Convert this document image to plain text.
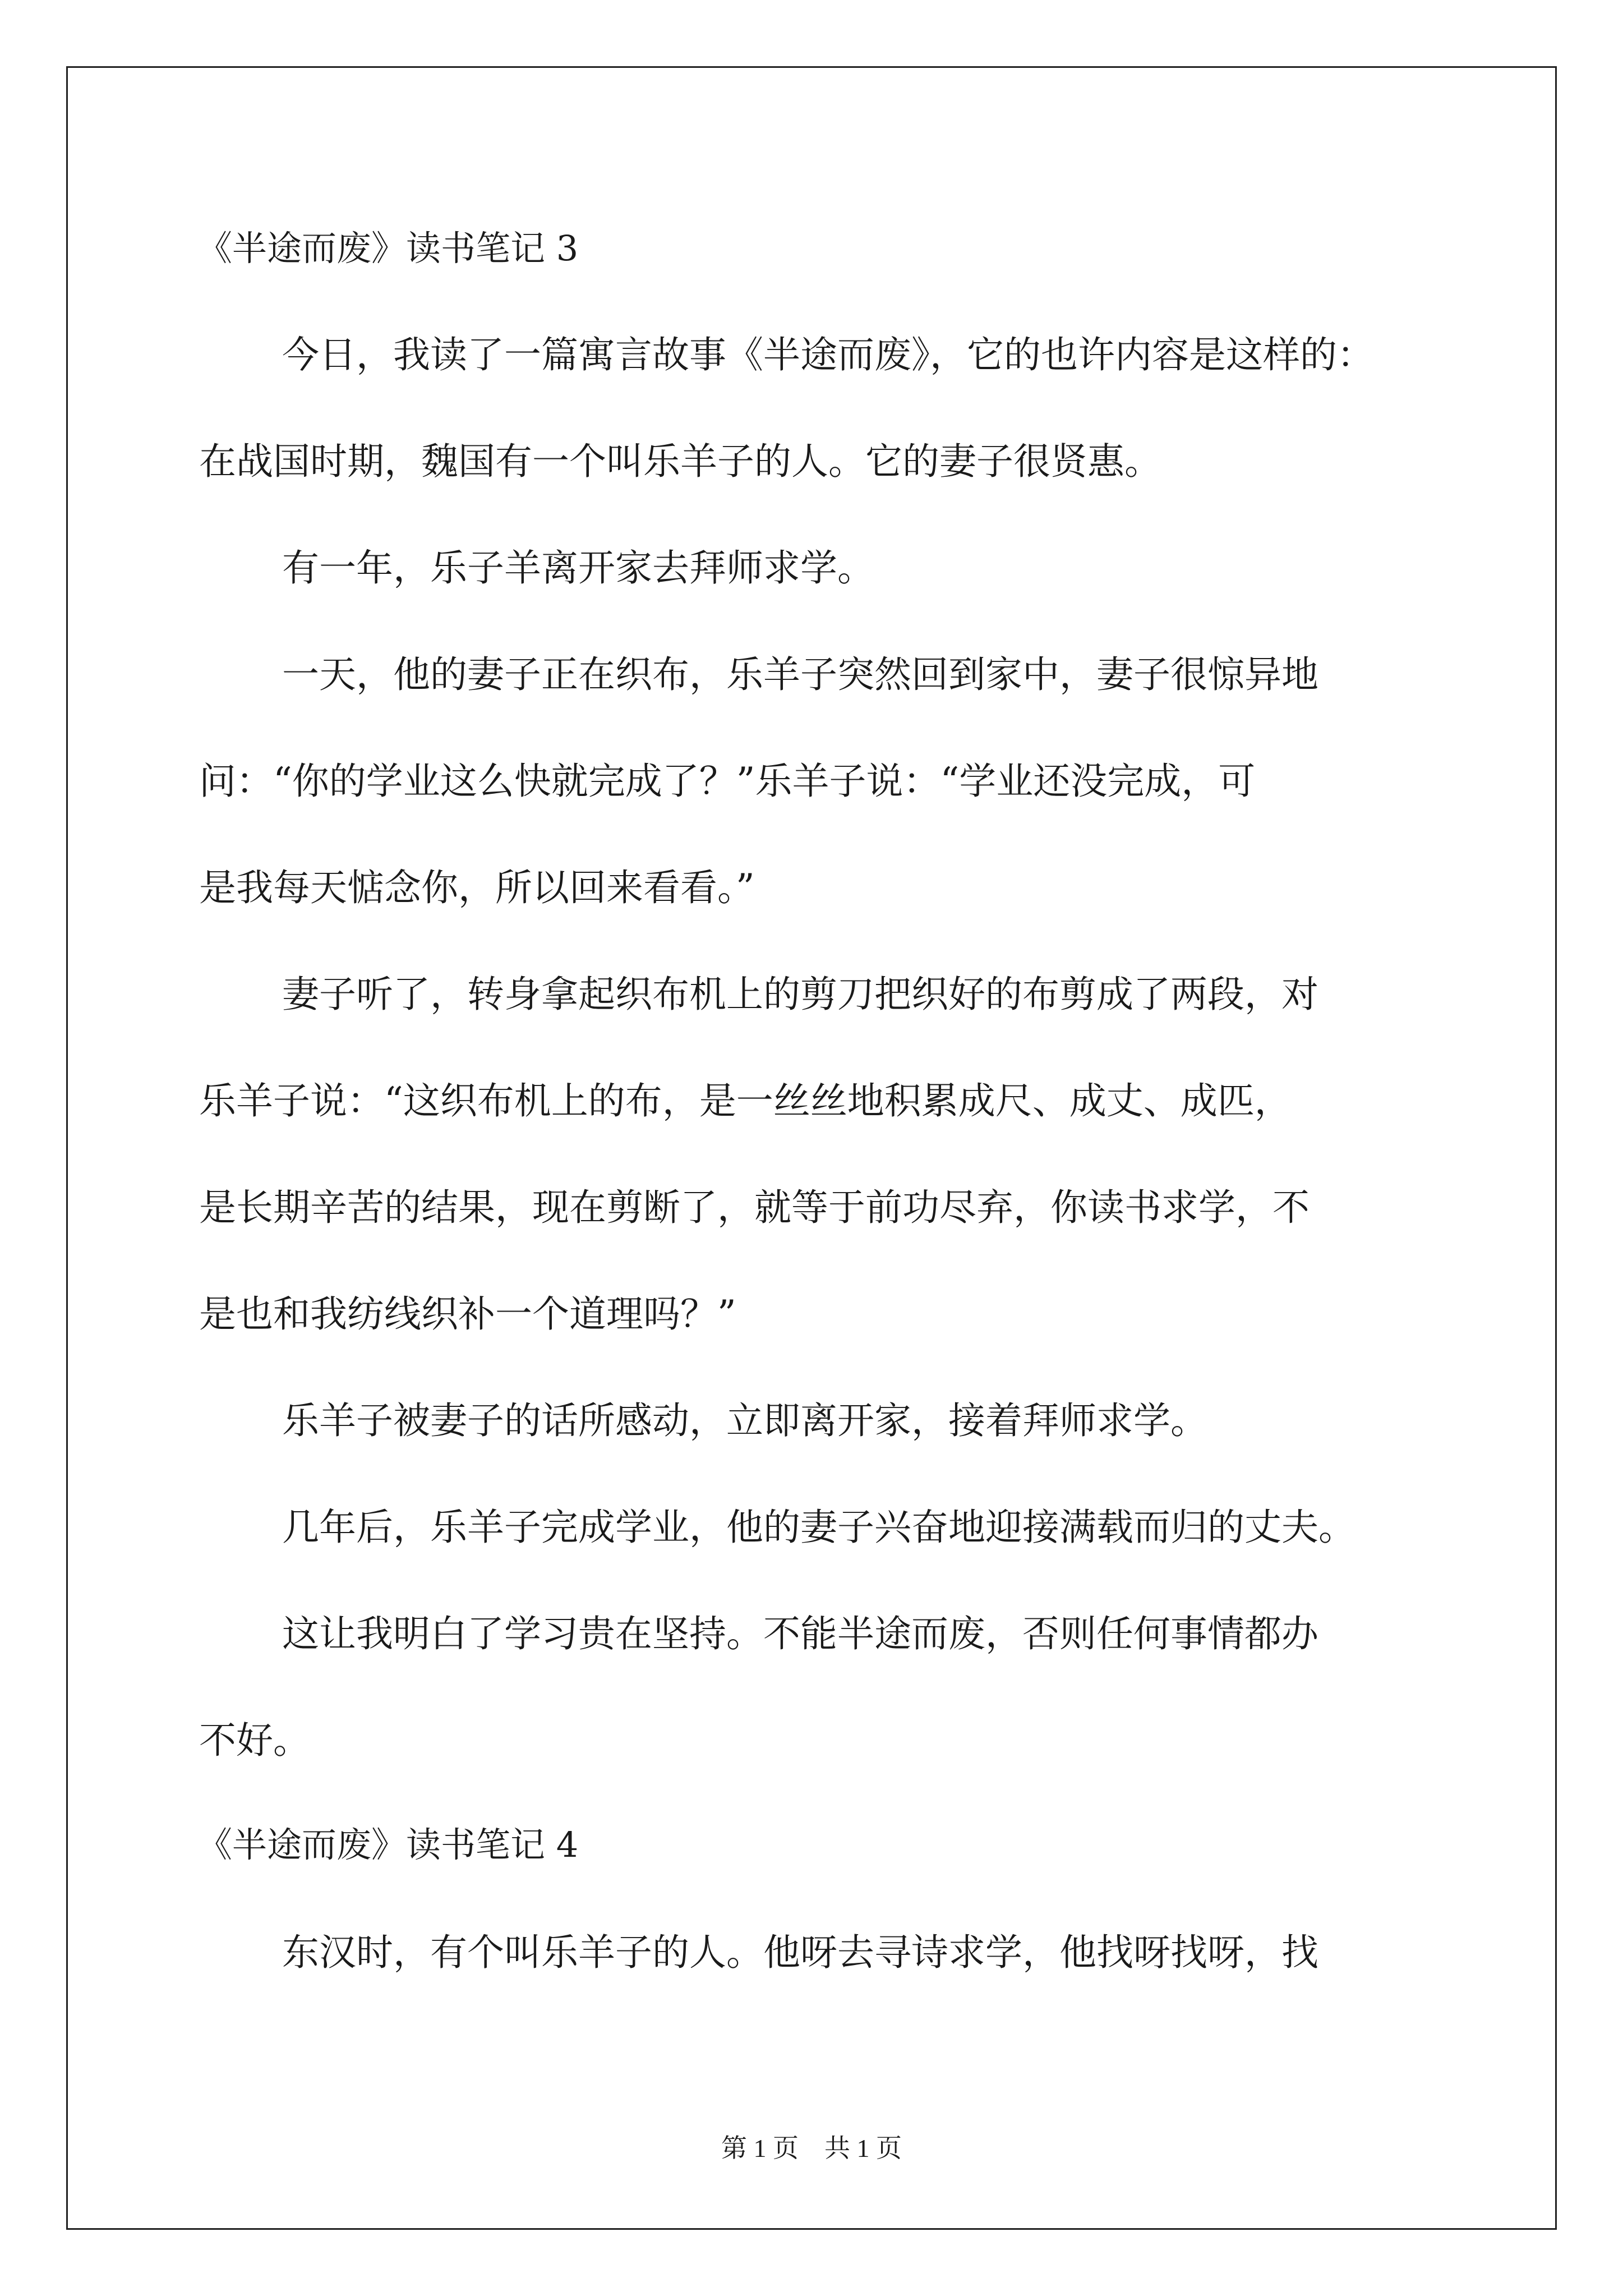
《半途而废》读书笔记 3
今日，我读了一篇寓言故事《半途而废》，它的也许内容是这样的：
在战国时期，魏国有一个叫乐羊子的人。它的妻子很贤惠。
有一年，乐子羊离开家去拜师求学。
一天，他的妻子正在织布，乐羊子突然回到家中，妻子很惊异地
问：“你的学业这么快就完成了？”乐羊子说：“学业还没完成，可
是我每天惦念你，所以回来看看。”
妻子听了，转身拿起织布机上的剪刀把织好的布剪成了两段，对
乐羊子说：“这织布机上的布，是一丝丝地积累成尺、成丈、成匹，
是长期辛苦的结果，现在剪断了，就等于前功尽弃，你读书求学，不
是也和我纺线织补一个道理吗？”
乐羊子被妻子的话所感动，立即离开家，接着拜师求学。
几年后，乐羊子完成学业，他的妻子兴奋地迎接满载而归的丈夫。
这让我明白了学习贵在坚持。不能半途而废，否则任何事情都办
不好。
《半途而废》读书笔记 4
东汉时，有个叫乐羊子的人。他呀去寻诗求学，他找呀找呀，找
第 1 页　共 1 页
